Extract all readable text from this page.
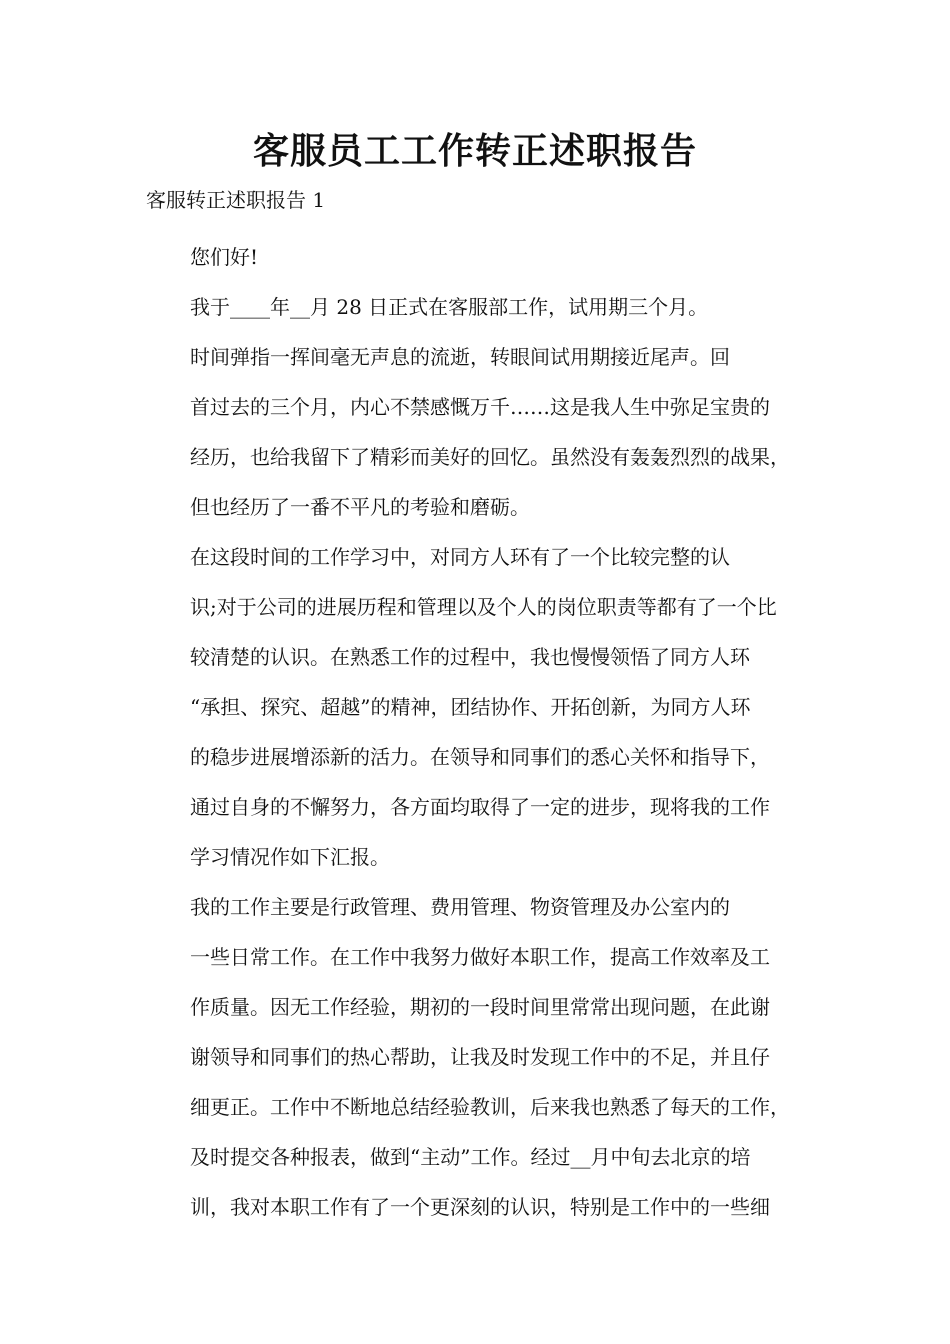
客服员工工作转正述职报告

客服转正述职报告 1

您们好!

我于____年__月 28 日正式在客服部工作，试用期三个月。

时间弹指一挥间毫无声息的流逝，转眼间试用期接近尾声。回
首过去的三个月，内心不禁感慨万千……这是我人生中弥足宝贵的
经历，也给我留下了精彩而美好的回忆。虽然没有轰轰烈烈的战果，
但也经历了一番不平凡的考验和磨砺。

在这段时间的工作学习中，对同方人环有了一个比较完整的认
识;对于公司的进展历程和管理以及个人的岗位职责等都有了一个比
较清楚的认识。在熟悉工作的过程中，我也慢慢领悟了同方人环
“承担、探究、超越”的精神，团结协作、开拓创新，为同方人环
的稳步进展增添新的活力。在领导和同事们的悉心关怀和指导下，
通过自身的不懈努力，各方面均取得了一定的进步，现将我的工作
学习情况作如下汇报。

我的工作主要是行政管理、费用管理、物资管理及办公室内的
一些日常工作。在工作中我努力做好本职工作，提高工作效率及工
作质量。因无工作经验，期初的一段时间里常常出现问题，在此谢
谢领导和同事们的热心帮助，让我及时发现工作中的不足，并且仔
细更正。工作中不断地总结经验教训，后来我也熟悉了每天的工作，
及时提交各种报表，做到“主动”工作。经过__月中旬去北京的培
训，我对本职工作有了一个更深刻的认识，特别是工作中的一些细
